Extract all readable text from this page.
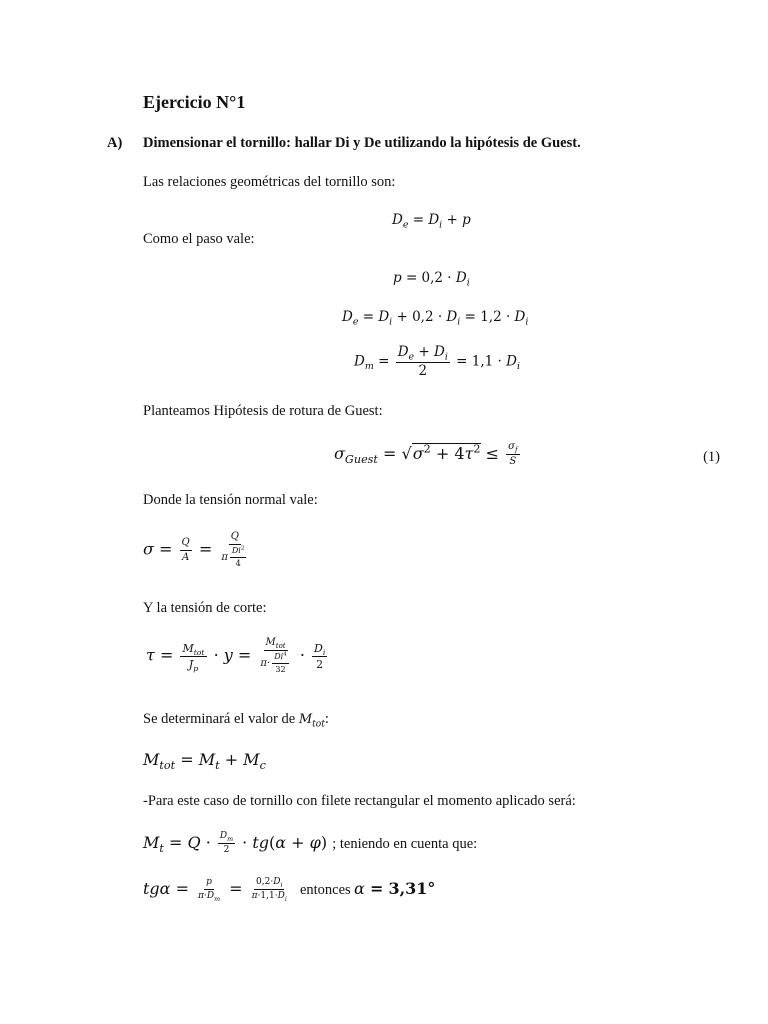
Ejercicio N°1
A) Dimensionar el tornillo: hallar Di y De utilizando la hipótesis de Guest.
Las relaciones geométricas del tornillo son:
$D_e = D_i + p$
Como el paso vale:
$p = 0,2 \cdot D_i$
$D_e = D_i + 0,2 \cdot D_i = 1,2 \cdot D_i$
$D_m = \frac{D_e + D_i}{2} = 1,1 \cdot D_i$
Planteamos Hipótesis de rotura de Guest:
$\sigma_{Guest} = √\sigma^2 + 4\tau^2 \le \frac{\sigma_f}{S}$	(1)
Donde la tensión normal vale:
$\sigma = \frac{Q}{A} = \frac{Q}{\pi \frac{Di^2}{4}}$
Y la tensión de corte:
$\tau = \frac{M_{tot}}{J_p} \cdot y = \frac{M_{tot}}{\pi\cdot \frac{Di^4}{32}} \cdot \frac{D_i}{2}$
Se determinará el valor de $M_{tot}$:
$M_{tot} = M_t + M_c$
-Para este caso de tornillo con filete rectangular el momento aplicado será:
$M_t = Q \cdot \frac{D_m}{2} \cdot tg(\alpha + \varphi)$ ; teniendo en cuenta que:
$tg\alpha = \frac{p}{\pi\cdot D_m} = \frac{0,2\cdot D_i}{\pi\cdot 1,1\cdot D_i}$ entonces α = 3,31°
